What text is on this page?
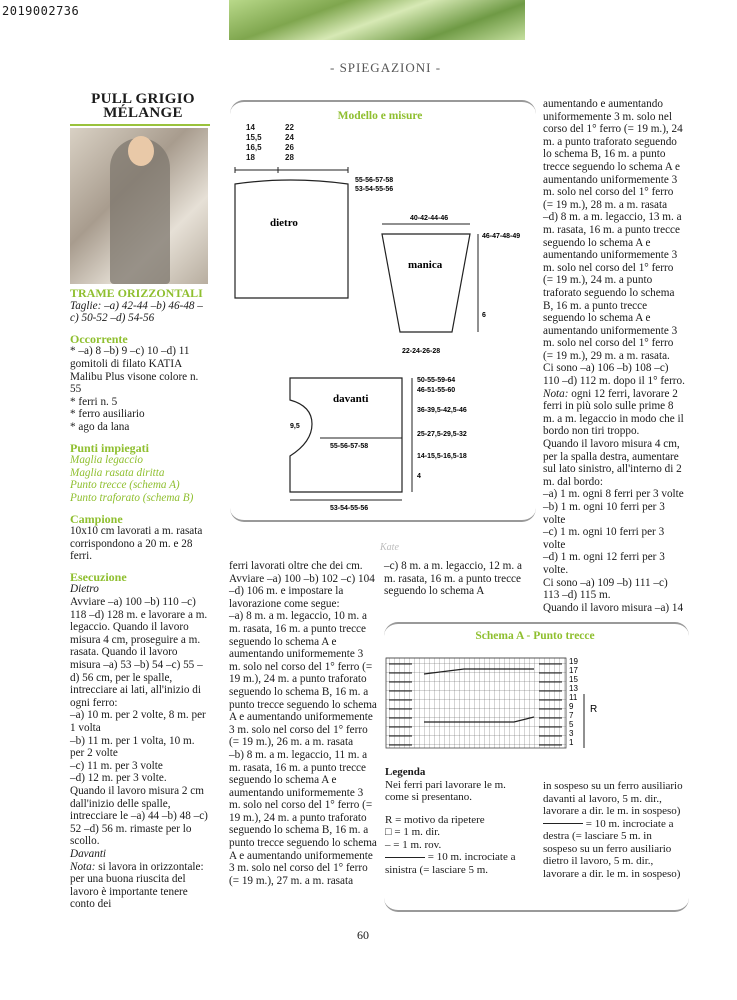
2019002736
- SPIEGAZIONI -
PULL GRIGIO
MÉLANGE
TRAME ORIZZONTALI

Taglie: –a) 42-44 –b) 46-48 –c) 50-52 –d) 54-56

Occorrente

* –a) 8 –b) 9 –c) 10 –d) 11 gomitoli di filato KATIA Malibu Plus visone colore n. 55

* ferri n. 5

* ferro ausiliario

* ago da lana

Punti impiegati

Maglia legaccio

Maglia rasata diritta

Punto trecce (schema A)

Punto traforato (schema B)

Campione

10x10 cm lavorati a m. rasata corrispondono a 20 m. e 28 ferri.

Esecuzione

Dietro

Avviare –a) 100 –b) 110 –c) 118 –d) 128 m. e lavorare a m. legaccio. Quando il lavoro misura 4 cm, proseguire a m. rasata. Quando il lavoro misura –a) 53 –b) 54 –c) 55 –d) 56 cm, per le spalle, intrecciare ai lati, all'inizio di ogni ferro:

–a) 10 m. per 2 volte, 8 m. per 1 volta

–b) 11 m. per 1 volta, 10 m. per 2 volte

–c) 11 m. per 3 volte

–d) 12 m. per 3 volte.

Quando il lavoro misura 2 cm dall'inizio delle spalle, intrecciare le –a) 44 –b) 48 –c) 52 –d) 56 m. rimaste per lo scollo.

Davanti

Nota: si lavora in orizzontale: per una buona riuscita del lavoro è importante tenere conto dei

Modello e misure
14
15,5
16,5
18
22
24
26
28
dietro
55-56-57-58
53-54-55-56
40-42-44-46
manica
46-47-48-49
6
22-24-26-28
davanti
9,5
55-56-57-58
50-55-59-64
46-51-55-60
36-39,5-42,5-46
25-27,5-29,5-32
14-15,5-16,5-18
4
53-54-55-56
Kate

ferri lavorati oltre che dei cm. Avviare –a) 100 –b) 102 –c) 104 –d) 106 m. e impostare la lavorazione come segue:

–a) 8 m. a m. legaccio, 10 m. a m. rasata, 16 m. a punto trecce seguendo lo schema A e aumentando uniformemente 3 m. solo nel corso del 1° ferro (= 19 m.), 24 m. a punto traforato seguendo lo schema B, 16 m. a punto trecce seguendo lo schema A e aumentando uniformemente 3 m. solo nel corso del 1° ferro (= 19 m.), 26 m. a m. rasata

–b) 8 m. a m. legaccio, 11 m. a m. rasata, 16 m. a punto trecce seguendo lo schema A e aumentando uniformemente 3 m. solo nel corso del 1° ferro (= 19 m.), 24 m. a punto traforato seguendo lo schema B, 16 m. a punto trecce seguendo lo schema A e aumentando uniformemente 3 m. solo nel corso del 1° ferro (= 19 m.), 27 m. a m. rasata

–c) 8 m. a m. legaccio, 12 m. a m. rasata, 16 m. a punto trecce seguendo lo schema A

aumentando e aumentando uniformemente 3 m. solo nel corso del 1° ferro (= 19 m.), 24 m. a punto traforato seguendo lo schema B, 16 m. a punto trecce seguendo lo schema A e aumentando uniformemente 3 m. solo nel corso del 1° ferro (= 19 m.), 28 m. a m. rasata

–d) 8 m. a m. legaccio, 13 m. a m. rasata, 16 m. a punto trecce seguendo lo schema A e aumentando uniformemente 3 m. solo nel corso del 1° ferro (= 19 m.), 24 m. a punto traforato seguendo lo schema B, 16 m. a punto trecce seguendo lo schema A e aumentando uniformemente 3 m. solo nel corso del 1° ferro (= 19 m.), 29 m. a m. rasata.

Ci sono –a) 106 –b) 108 –c) 110 –d) 112 m. dopo il 1° ferro.

Nota: ogni 12 ferri, lavorare 2 ferri in più solo sulle prime 8 m. a m. legaccio in modo che il bordo non tiri troppo.

Quando il lavoro misura 4 cm, per la spalla destra, aumentare sul lato sinistro, all'interno di 2 m. dal bordo:

–a) 1 m. ogni 8 ferri per 3 volte

–b) 1 m. ogni 10 ferri per 3 volte

–c) 1 m. ogni 10 ferri per 3 volte

–d) 1 m. ogni 12 ferri per 3 volte.

Ci sono –a) 109 –b) 111 –c) 113 –d) 115 m.

Quando il lavoro misura –a) 14

Schema A - Punto trecce
19
17
15
13
11
9
7
5
3
1
R
Legenda

Nei ferri pari lavorare le m. come si presentano.

R = motivo da ripetere

□ = 1 m. dir.

– = 1 m. rov.

= 10 m. incrociate a sinistra (= lasciare 5 m.

in sospeso su un ferro ausiliario davanti al lavoro, 5 m. dir., lavorare a dir. le m. in sospeso)

= 10 m. incrociate a destra (= lasciare 5 m. in sospeso su un ferro ausiliario dietro il lavoro, 5 m. dir., lavorare a dir. le m. in sospeso)

60
